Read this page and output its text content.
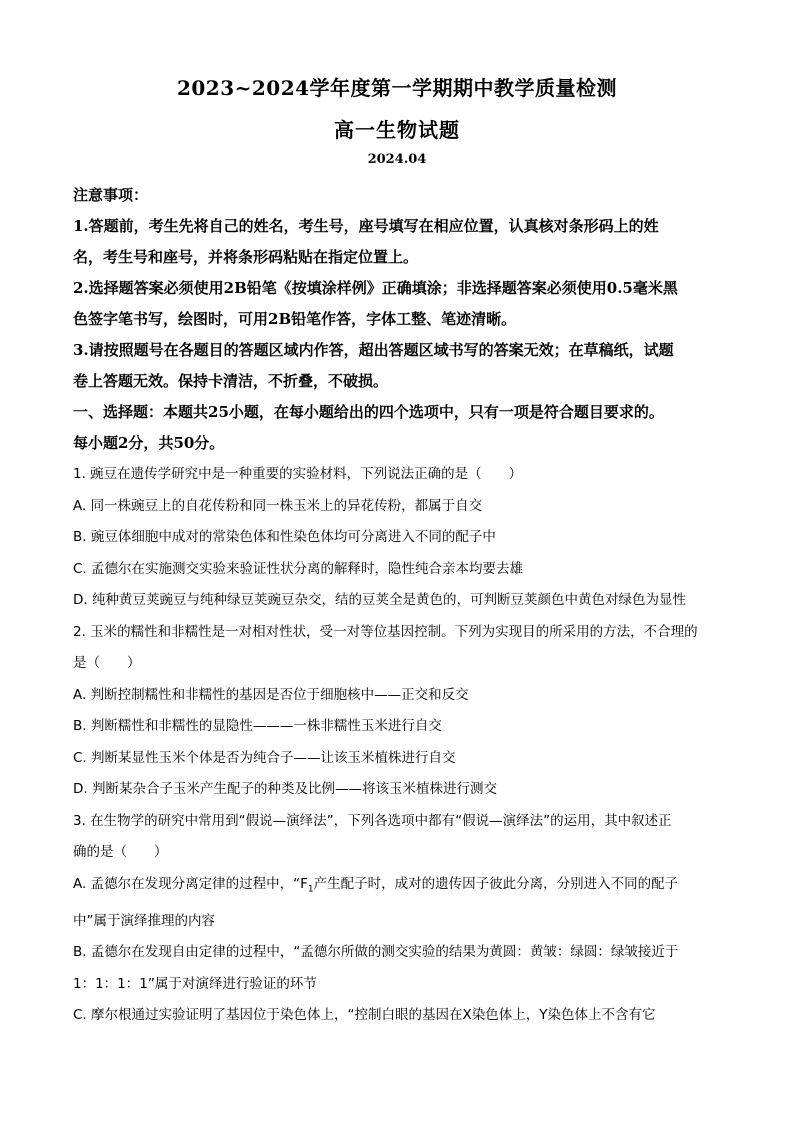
2023~2024学年度第一学期期中教学质量检测
高一生物试题
2024.04
注意事项：
1.答题前，考生先将自己的姓名，考生号，座号填写在相应位置，认真核对条形码上的姓
名，考生号和座号，并将条形码粘贴在指定位置上。
2.选择题答案必须使用2B铅笔《按填涂样例》正确填涂；非选择题答案必须使用0.5毫米黑
色签字笔书写，绘图时，可用2B铅笔作答，字体工整、笔迹清晰。
3.请按照题号在各题目的答题区域内作答，超出答题区域书写的答案无效；在草稿纸，试题
卷上答题无效。保持卡清洁，不折叠，不破损。
一、选择题：本题共25小题，在每小题给出的四个选项中，只有一项是符合题目要求的。
每小题2分，共50分。
1. 豌豆在遗传学研究中是一种重要的实验材料，下列说法正确的是（　　）
A. 同一株豌豆上的自花传粉和同一株玉米上的异花传粉，都属于自交
B. 豌豆体细胞中成对的常染色体和性染色体均可分离进入不同的配子中
C. 孟德尔在实施测交实验来验证性状分离的解释时，隐性纯合亲本均要去雄
D. 纯种黄豆荚豌豆与纯种绿豆荚豌豆杂交，结的豆荚全是黄色的，可判断豆荚颜色中黄色对绿色为显性
2. 玉米的糯性和非糯性是一对相对性状，受一对等位基因控制。下列为实现目的所采用的方法，不合理的
是（　　）
A. 判断控制糯性和非糯性的基因是否位于细胞核中——正交和反交
B. 判断糯性和非糯性的显隐性———一株非糯性玉米进行自交
C. 判断某显性玉米个体是否为纯合子——让该玉米植株进行自交
D. 判断某杂合子玉米产生配子的种类及比例——将该玉米植株进行测交
3. 在生物学的研究中常用到“假说—演绎法”，下列各选项中都有“假说—演绎法”的运用，其中叙述正
确的是（　　）
A. 孟德尔在发现分离定律的过程中，“$F_1$产生配子时，成对的遗传因子彼此分离，分别进入不同的配子
中”属于演绎推理的内容
B. 孟德尔在发现自由定律的过程中，“孟德尔所做的测交实验的结果为黄圆：黄皱：绿圆：绿皱接近于
1：1：1：1”属于对演绎进行验证的环节
C. 摩尔根通过实验证明了基因位于染色体上，“控制白眼的基因在X染色体上，Y染色体上不含有它
